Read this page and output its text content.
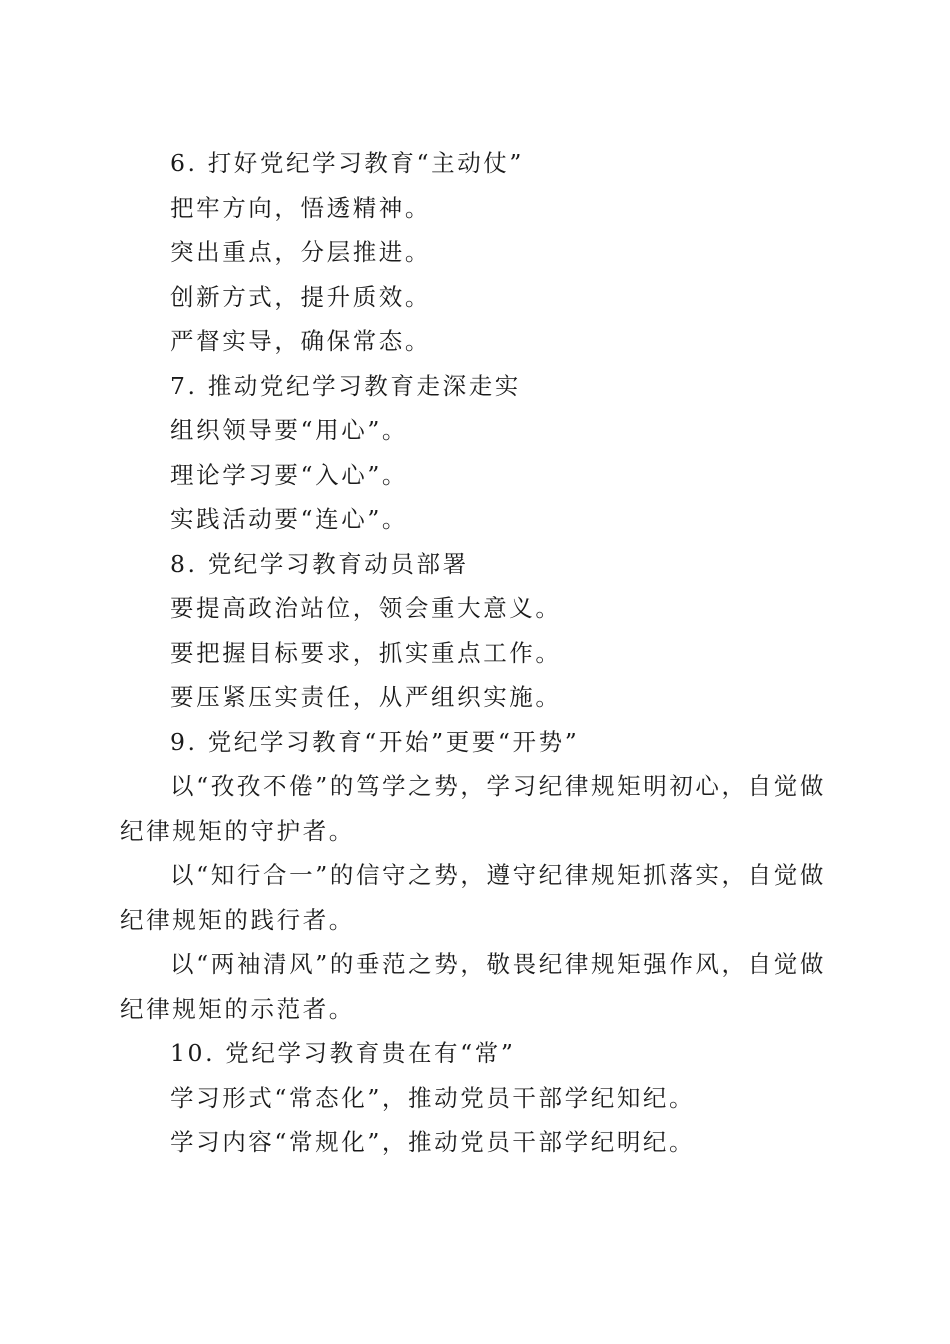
6. 打好党纪学习教育“主动仗”
把牢方向，悟透精神。
突出重点，分层推进。
创新方式，提升质效。
严督实导，确保常态。
7. 推动党纪学习教育走深走实
组织领导要“用心”。
理论学习要“入心”。
实践活动要“连心”。
8. 党纪学习教育动员部署
要提高政治站位，领会重大意义。
要把握目标要求，抓实重点工作。
要压紧压实责任，从严组织实施。
9. 党纪学习教育“开始”更要“开势”
以“孜孜不倦”的笃学之势，学习纪律规矩明初心，自觉做纪律规矩的守护者。
以“知行合一”的信守之势，遵守纪律规矩抓落实，自觉做纪律规矩的践行者。
以“两袖清风”的垂范之势，敬畏纪律规矩强作风，自觉做纪律规矩的示范者。
10. 党纪学习教育贵在有“常”
学习形式“常态化”，推动党员干部学纪知纪。
学习内容“常规化”，推动党员干部学纪明纪。
